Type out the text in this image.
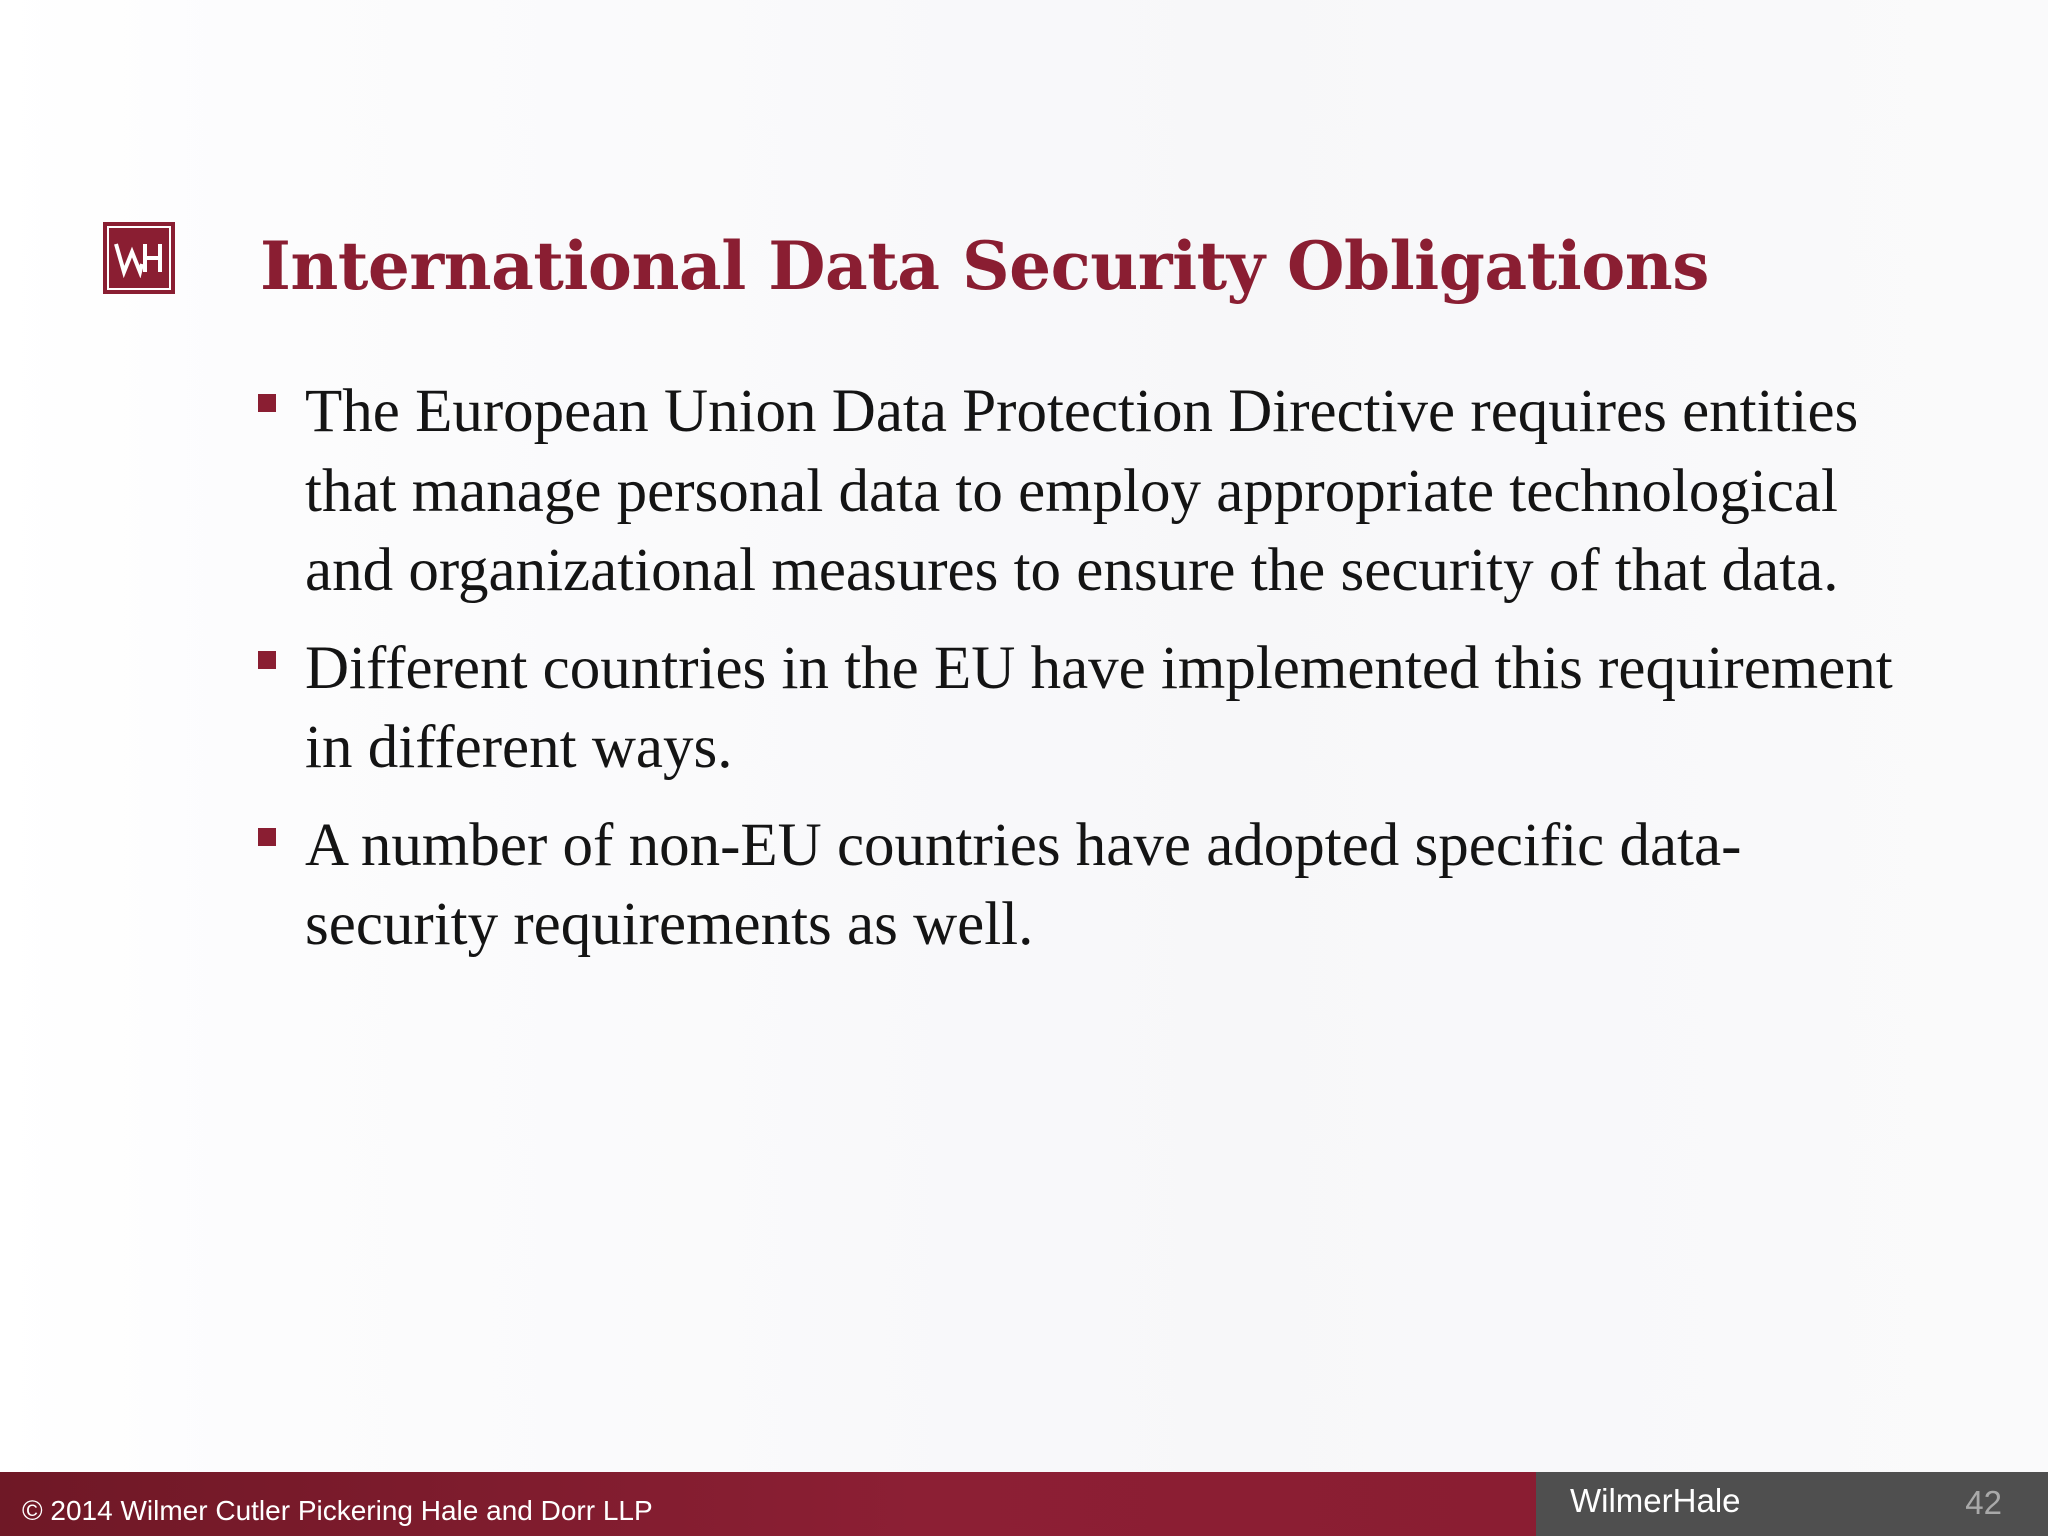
International Data Security Obligations
The European Union Data Protection Directive requires entities that manage personal data to employ appropriate technological and organizational measures to ensure the security of that data.
Different countries in the EU have implemented this requirement in different ways.
A number of non-EU countries have adopted specific data-security requirements as well.
© 2014 Wilmer Cutler Pickering Hale and Dorr LLP	WilmerHale	42
